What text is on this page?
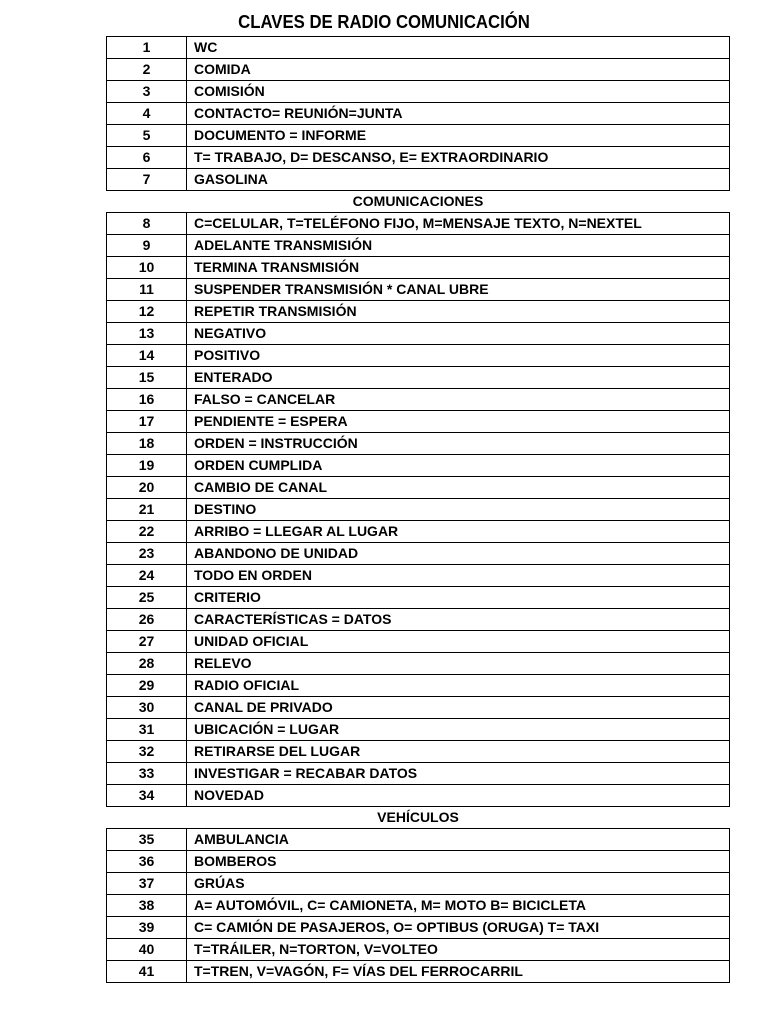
CLAVES DE RADIO COMUNICACIÓN
1	WC
2	COMIDA
3	COMISIÓN
4	CONTACTO= REUNIÓN=JUNTA
5	DOCUMENTO = INFORME
6	T= TRABAJO, D= DESCANSO, E= EXTRAORDINARIO
7	GASOLINA
COMUNICACIONES
8	C=CELULAR, T=TELÉFONO FIJO, M=MENSAJE TEXTO, N=NEXTEL
9	ADELANTE TRANSMISIÓN
10	TERMINA TRANSMISIÓN
11	SUSPENDER TRANSMISIÓN * CANAL UBRE
12	REPETIR TRANSMISIÓN
13	NEGATIVO
14	POSITIVO
15	ENTERADO
16	FALSO = CANCELAR
17	PENDIENTE = ESPERA
18	ORDEN = INSTRUCCIÓN
19	ORDEN CUMPLIDA
20	CAMBIO DE CANAL
21	DESTINO
22	ARRIBO = LLEGAR AL LUGAR
23	ABANDONO DE UNIDAD
24	TODO EN ORDEN
25	CRITERIO
26	CARACTERÍSTICAS = DATOS
27	UNIDAD OFICIAL
28	RELEVO
29	RADIO OFICIAL
30	CANAL DE PRIVADO
31	UBICACIÓN = LUGAR
32	RETIRARSE DEL LUGAR
33	INVESTIGAR = RECABAR DATOS
34	NOVEDAD
VEHÍCULOS
35	AMBULANCIA
36	BOMBEROS
37	GRÚAS
38	A= AUTOMÓVIL, C= CAMIONETA, M= MOTO B= BICICLETA
39	C= CAMIÓN DE PASAJEROS, O= OPTIBUS (ORUGA) T= TAXI
40	T=TRÁILER, N=TORTON, V=VOLTEO
41	T=TREN, V=VAGÓN, F= VÍAS DEL FERROCARRIL
